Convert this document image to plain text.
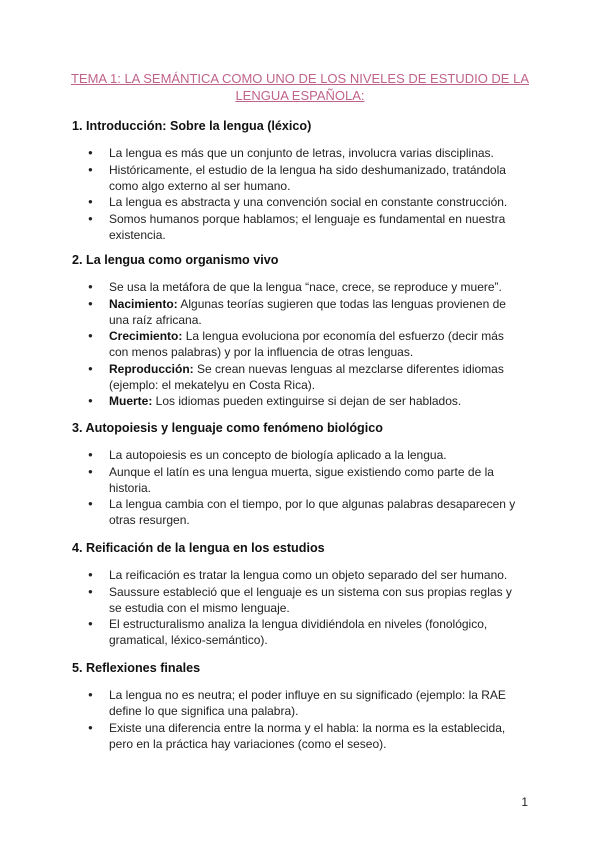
TEMA 1: LA SEMÁNTICA COMO UNO DE LOS NIVELES DE ESTUDIO DE LA LENGUA ESPAÑOLA:
1. Introducción: Sobre la lengua (léxico)
● La lengua es más que un conjunto de letras, involucra varias disciplinas.
● Históricamente, el estudio de la lengua ha sido deshumanizado, tratándola como algo externo al ser humano.
● La lengua es abstracta y una convención social en constante construcción.
● Somos humanos porque hablamos; el lenguaje es fundamental en nuestra existencia.
2. La lengua como organismo vivo
● Se usa la metáfora de que la lengua “nace, crece, se reproduce y muere”.
● Nacimiento: Algunas teorías sugieren que todas las lenguas provienen de una raíz africana.
● Crecimiento: La lengua evoluciona por economía del esfuerzo (decir más con menos palabras) y por la influencia de otras lenguas.
● Reproducción: Se crean nuevas lenguas al mezclarse diferentes idiomas (ejemplo: el mekatelyu en Costa Rica).
● Muerte: Los idiomas pueden extinguirse si dejan de ser hablados.
3. Autopoiesis y lenguaje como fenómeno biológico
● La autopoiesis es un concepto de biología aplicado a la lengua.
● Aunque el latín es una lengua muerta, sigue existiendo como parte de la historia.
● La lengua cambia con el tiempo, por lo que algunas palabras desaparecen y otras resurgen.
4. Reificación de la lengua en los estudios
● La reificación es tratar la lengua como un objeto separado del ser humano.
● Saussure estableció que el lenguaje es un sistema con sus propias reglas y se estudia con el mismo lenguaje.
● El estructuralismo analiza la lengua dividiéndola en niveles (fonológico, gramatical, léxico-semántico).
5. Reflexiones finales
● La lengua no es neutra; el poder influye en su significado (ejemplo: la RAE define lo que significa una palabra).
● Existe una diferencia entre la norma y el habla: la norma es la establecida, pero en la práctica hay variaciones (como el seseo).
1
